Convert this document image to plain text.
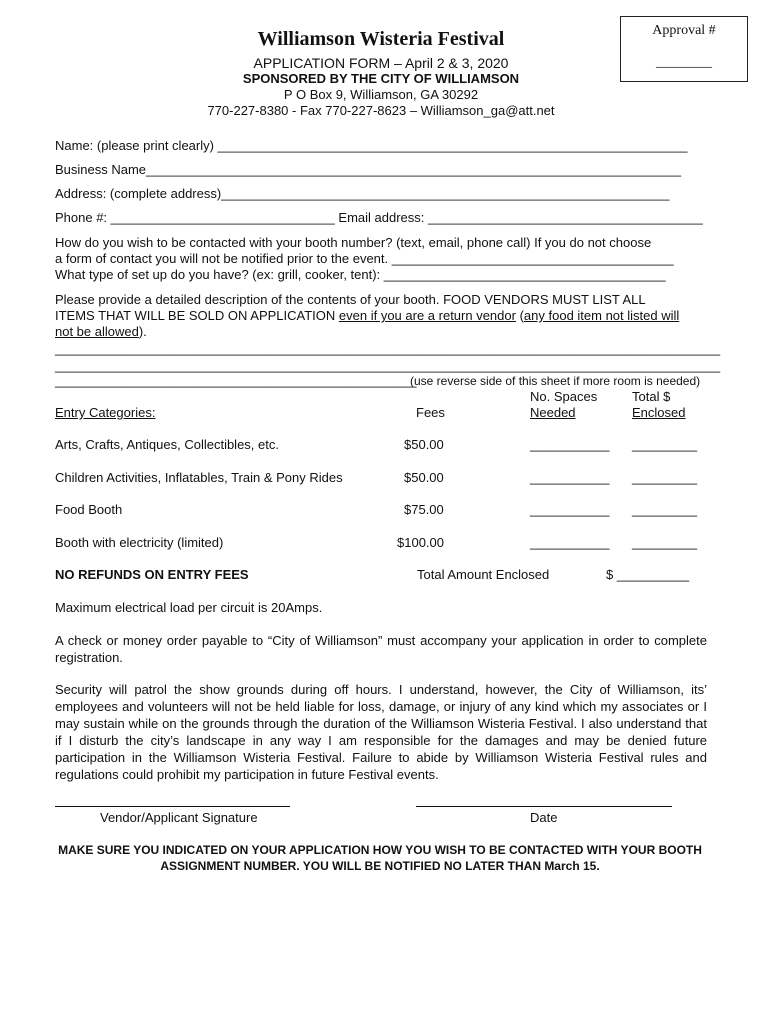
Approval #
________
Williamson Wisteria Festival
APPLICATION FORM – April 2 & 3, 2020
SPONSORED BY THE CITY OF WILLIAMSON
P O Box 9, Williamson, GA 30292
770-227-8380 - Fax 770-227-8623 – Williamson_ga@att.net
Name: (please print clearly) _________________________________________________________________
Business Name__________________________________________________________________________
Address: (complete address)______________________________________________________________
Phone #: _______________________________ Email address: ______________________________________
How do you wish to be contacted with your booth number? (text, email, phone call) If you do not choose
a form of contact you will not be notified prior to the event. _______________________________________
What type of set up do you have? (ex: grill, cooker, tent): _______________________________________
Please provide a detailed description of the contents of your booth. FOOD VENDORS MUST LIST ALL
ITEMS THAT WILL BE SOLD ON APPLICATION even if you are a return vendor (any food item not listed will
not be allowed).
____________________________________________________________________________________________
____________________________________________________________________________________________
__________________________________________________
(use reverse side of this sheet if more room is needed)
No. Spaces	Total $
Entry Categories:	Fees	Needed	Enclosed
Arts, Crafts, Antiques, Collectibles, etc.	$50.00	___________ _________
Children Activities, Inflatables, Train & Pony Rides	$50.00	___________ _________
Food Booth	$75.00	___________ _________
Booth with electricity (limited)	$100.00	___________ _________
NO REFUNDS ON ENTRY FEES	Total Amount Enclosed	$ __________
Maximum electrical load per circuit is 20Amps.
A check or money order payable to “City of Williamson” must accompany your application in order to complete registration.
Security will patrol the show grounds during off hours. I understand, however, the City of Williamson, its’ employees and volunteers will not be held liable for loss, damage, or injury of any kind which my associates or I may sustain while on the grounds through the duration of the Williamson Wisteria Festival. I also understand that if I disturb the city’s landscape in any way I am responsible for the damages and may be denied future participation in the Williamson Wisteria Festival. Failure to abide by Williamson Wisteria Festival rules and regulations could prohibit my participation in future Festival events.
Vendor/Applicant Signature	Date
MAKE SURE YOU INDICATED ON YOUR APPLICATION HOW YOU WISH TO BE CONTACTED WITH YOUR BOOTH
ASSIGNMENT NUMBER. YOU WILL BE NOTIFIED NO LATER THAN March 15.
